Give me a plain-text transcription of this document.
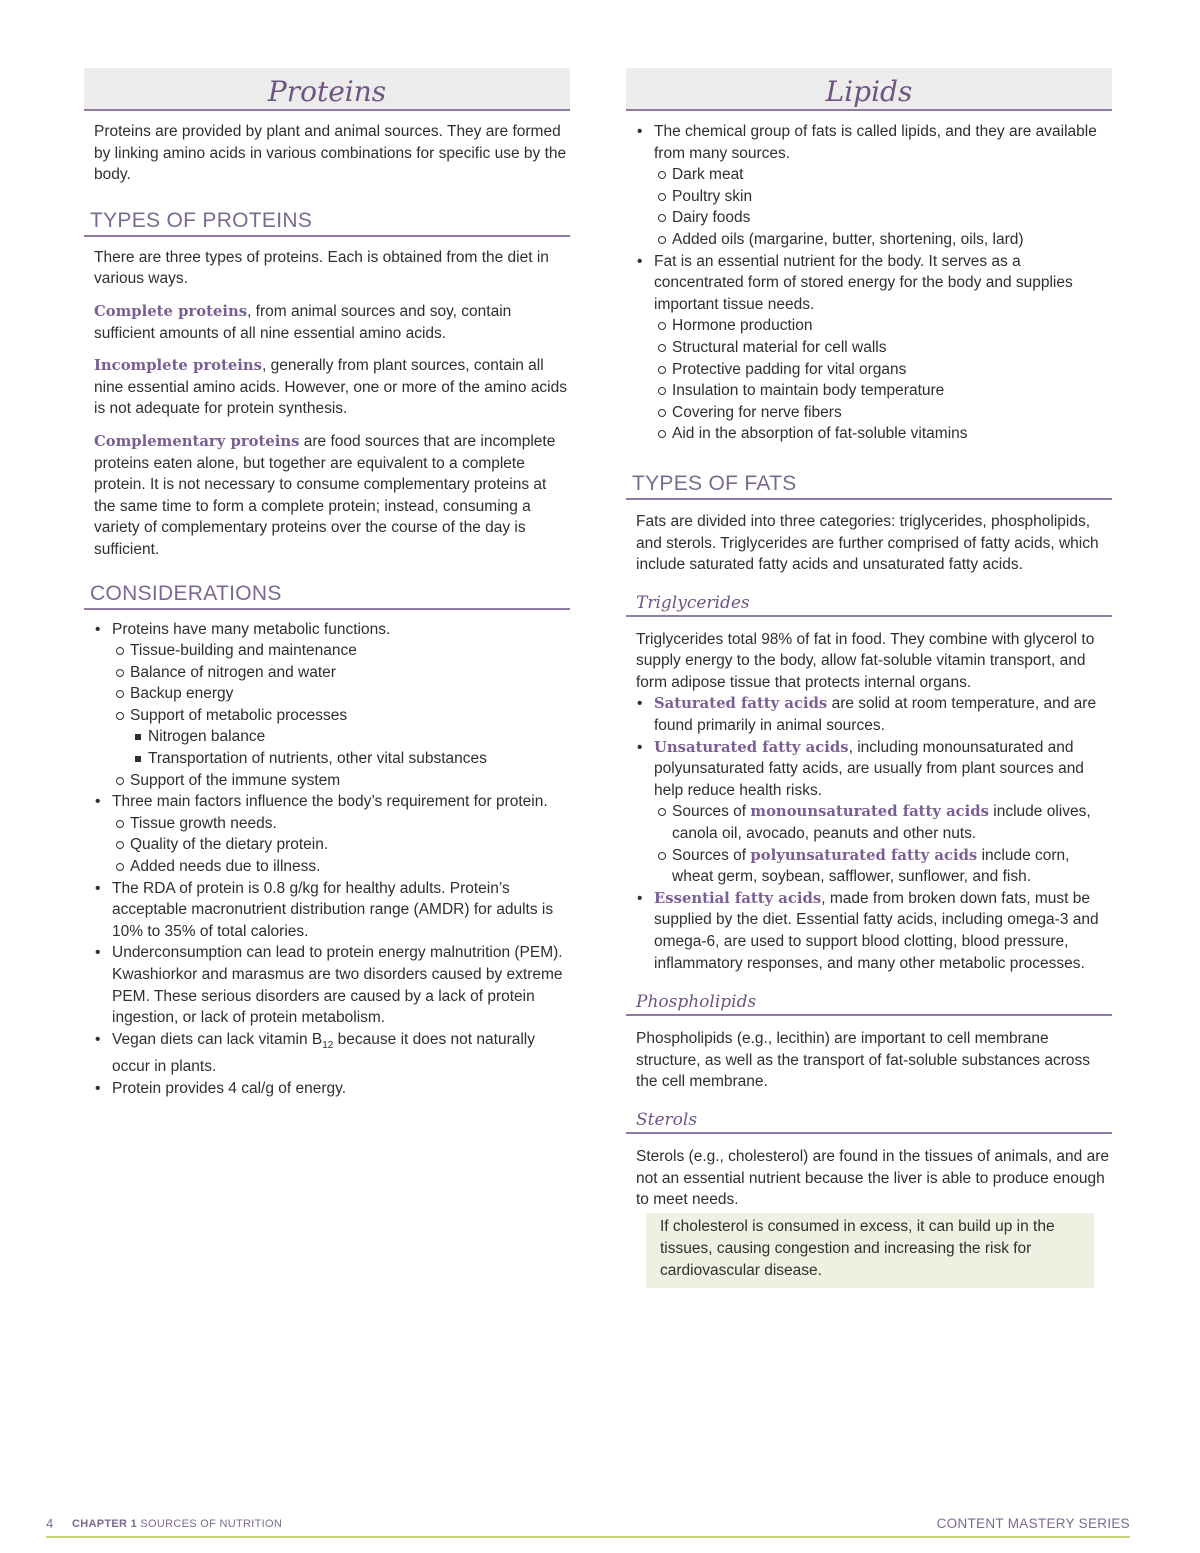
Proteins

Proteins are provided by plant and animal sources. They are formed by linking amino acids in various combinations for specific use by the body.

TYPES OF PROTEINS

There are three types of proteins. Each is obtained from the diet in various ways.

Complete proteins, from animal sources and soy, contain sufficient amounts of all nine essential amino acids.

Incomplete proteins, generally from plant sources, contain all nine essential amino acids. However, one or more of the amino acids is not adequate for protein synthesis.

Complementary proteins are food sources that are incomplete proteins eaten alone, but together are equivalent to a complete protein. It is not necessary to consume complementary proteins at the same time to form a complete protein; instead, consuming a variety of complementary proteins over the course of the day is sufficient.

CONSIDERATIONS
• Proteins have many metabolic functions.
Tissue-building and maintenance
Balance of nitrogen and water
Backup energy
Support of metabolic processes
Nitrogen balance
Transportation of nutrients, other vital substances
Support of the immune system
• Three main factors influence the body’s requirement for protein.
Tissue growth needs.
Quality of the dietary protein.
Added needs due to illness.
• The RDA of protein is 0.8 g/kg for healthy adults. Protein’s acceptable macronutrient distribution range (AMDR) for adults is 10% to 35% of total calories.
• Underconsumption can lead to protein energy malnutrition (PEM). Kwashiorkor and marasmus are two disorders caused by extreme PEM. These serious disorders are caused by a lack of protein ingestion, or lack of protein metabolism.
• Vegan diets can lack vitamin $B_{12}$ because it does not naturally occur in plants.
• Protein provides 4 cal/g of energy.
Lipids
• The chemical group of fats is called lipids, and they are available from many sources.
Dark meat
Poultry skin
Dairy foods
Added oils (margarine, butter, shortening, oils, lard)
• Fat is an essential nutrient for the body. It serves as a concentrated form of stored energy for the body and supplies important tissue needs.
Hormone production
Structural material for cell walls
Protective padding for vital organs
Insulation to maintain body temperature
Covering for nerve fibers
Aid in the absorption of fat-soluble vitamins
TYPES OF FATS

Fats are divided into three categories: triglycerides, phospholipids, and sterols. Triglycerides are further comprised of fatty acids, which include saturated fatty acids and unsaturated fatty acids.

Triglycerides

Triglycerides total 98% of fat in food. They combine with glycerol to supply energy to the body, allow fat-soluble vitamin transport, and form adipose tissue that protects internal organs.

• Saturated fatty acids are solid at room temperature, and are found primarily in animal sources.
• Unsaturated fatty acids, including monounsaturated and polyunsaturated fatty acids, are usually from plant sources and help reduce health risks.
Sources of monounsaturated fatty acids include olives, canola oil, avocado, peanuts and other nuts.
Sources of polyunsaturated fatty acids include corn, wheat germ, soybean, safflower, sunflower, and fish.
• Essential fatty acids, made from broken down fats, must be supplied by the diet. Essential fatty acids, including omega-3 and omega-6, are used to support blood clotting, blood pressure, inflammatory responses, and many other metabolic processes.
Phospholipids

Phospholipids (e.g., lecithin) are important to cell membrane structure, as well as the transport of fat-soluble substances across the cell membrane.

Sterols

Sterols (e.g., cholesterol) are found in the tissues of animals, and are not an essential nutrient because the liver is able to produce enough to meet needs.

If cholesterol is consumed in excess, it can build up in the tissues, causing congestion and increasing the risk for cardiovascular disease.
4 CHAPTER 1 SOURCES OF NUTRITION	CONTENT MASTERY SERIES
